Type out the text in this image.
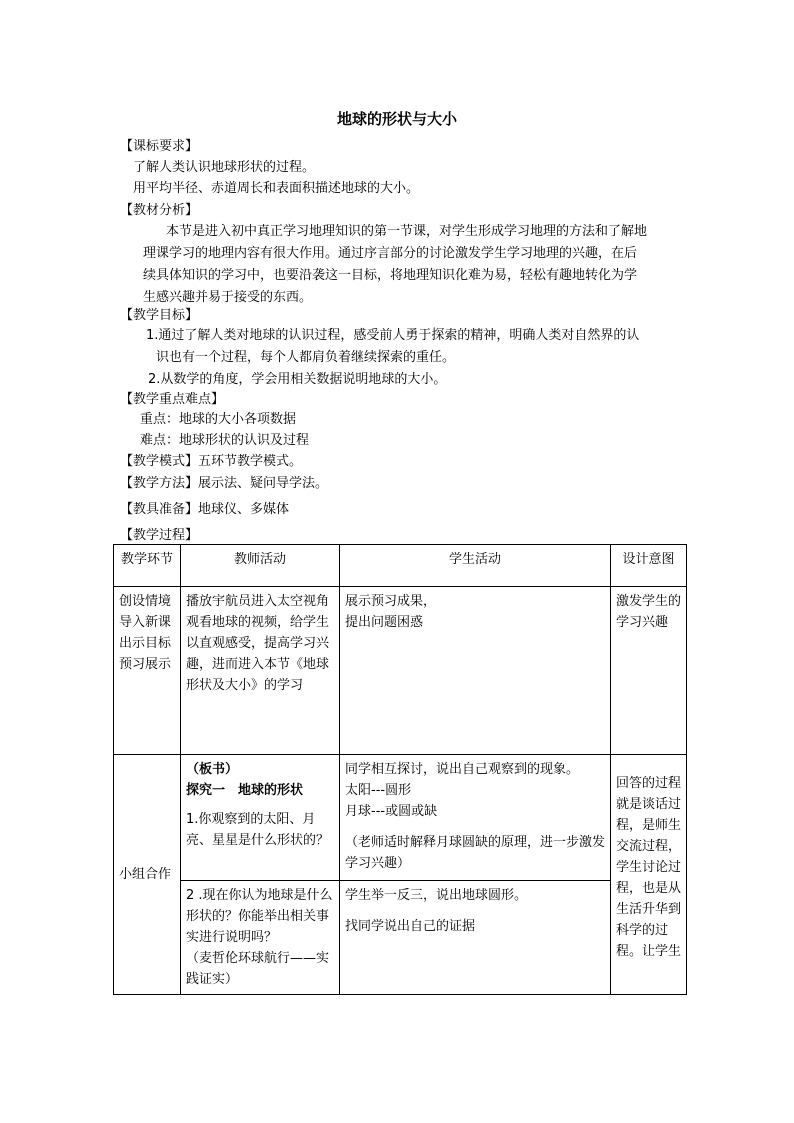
地球的形状与大小
【课标要求】
了解人类认识地球形状的过程。
用平均半径、赤道周长和表面积描述地球的大小。
【教材分析】
本节是进入初中真正学习地理知识的第一节课，对学生形成学习地理的方法和了解地
理课学习的地理内容有很大作用。通过序言部分的讨论激发学生学习地理的兴趣，在后
续具体知识的学习中，也要沿袭这一目标，将地理知识化难为易，轻松有趣地转化为学
生感兴趣并易于接受的东西。
【教学目标】
1.通过了解人类对地球的认识过程，感受前人勇于探索的精神，明确人类对自然界的认
识也有一个过程，每个人都肩负着继续探索的重任。
2.从数学的角度，学会用相关数据说明地球的大小。
【教学重点难点】
重点：地球的大小各项数据
难点：地球形状的认识及过程
【教学模式】五环节教学模式。
【教学方法】展示法、疑问导学法。
【教具准备】地球仪、多媒体
【教学过程】
教学环节	教师活动	学生活动	设计意图
创设情境导入新课出示目标预习展示	播放宇航员进入太空视角观看地球的视频，给学生以直观感受，提高学习兴趣，进而进入本节《地球形状及大小》的学习	展示预习成果，
提出问题困惑	激发学生的学习兴趣
小组合作	（板书）
探究一　地球的形状
1.你观察到的太阳、月亮、星星是什么形状的？	同学相互探讨，说出自己观察到的现象。
太阳---圆形
月球---或圆或缺
（老师适时解释月球圆缺的原理，进一步激发学习兴趣）	回答的过程就是谈话过程，是师生交流过程，学生讨论过程，也是从生活升华到科学的过程。让学生

	2 .现在你认为地球是什么形状的？你能举出相关事实进行说明吗？
（麦哲伦环球航行——实践证实）	学生举一反三，说出地球圆形。
找同学说出自己的证据	
